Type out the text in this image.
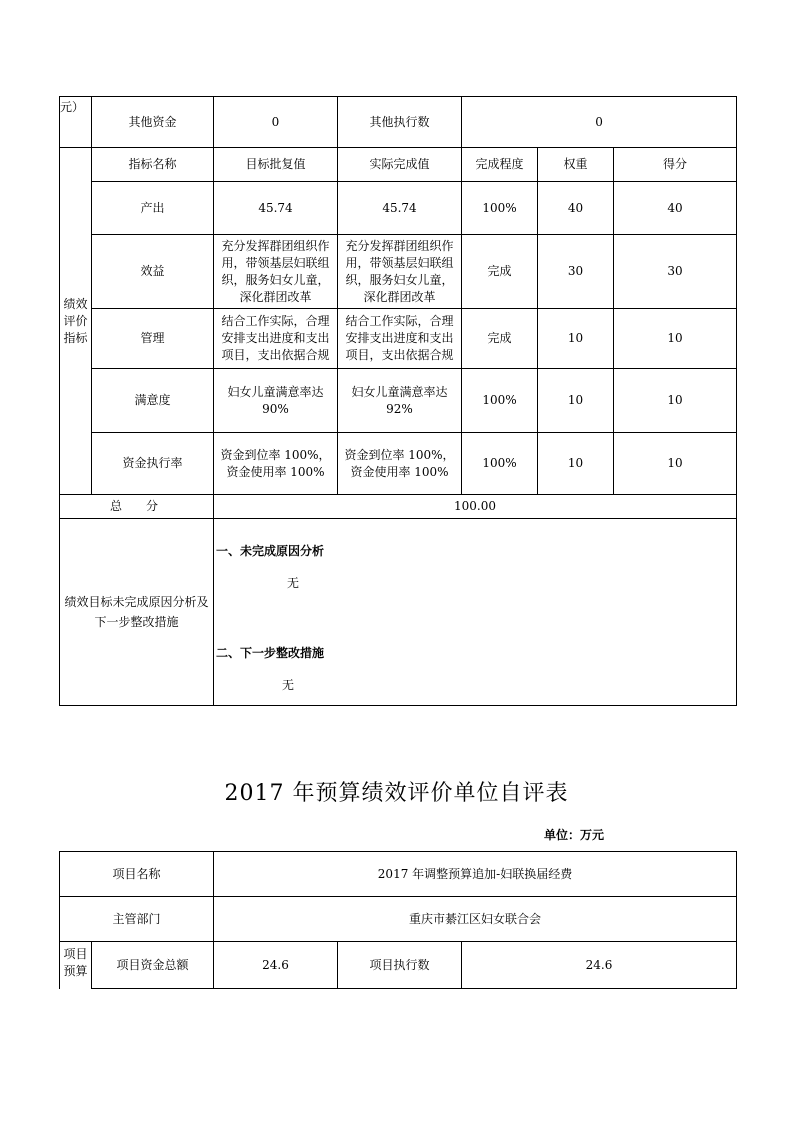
元）	其他资金	0	其他执行数	0		
绩效
评价
指标	指标名称	目标批复值	实际完成值	完成程度	权重	得分
	产出	45.74	45.74	100%	40	40
	效益	充分发挥群团组织作用，带领基层妇联组织，服务妇女儿童，深化群团改革	充分发挥群团组织作用，带领基层妇联组织，服务妇女儿童，深化群团改革	完成	30	30
	管理	结合工作实际，合理安排支出进度和支出项目，支出依据合规	结合工作实际，合理安排支出进度和支出项目，支出依据合规	完成	10	10
	满意度	妇女儿童满意率达90%	妇女儿童满意率达92%	100%	10	10
	资金执行率	资金到位率 100%，资金使用率 100%	资金到位率 100%，资金使用率 100%	100%	10	10
总　　分		100.00				

绩效目标未完成原因分析及下一步整改措施		一、未完成原因分析
无
二、下一步整改措施
无				
2017 年预算绩效评价单位自评表
单位：万元
项目名称		2017 年调整预算追加-妇联换届经费		
主管部门		重庆市綦江区妇女联合会		
项目
预算	项目资金总额	24.6	项目执行数	24.6
